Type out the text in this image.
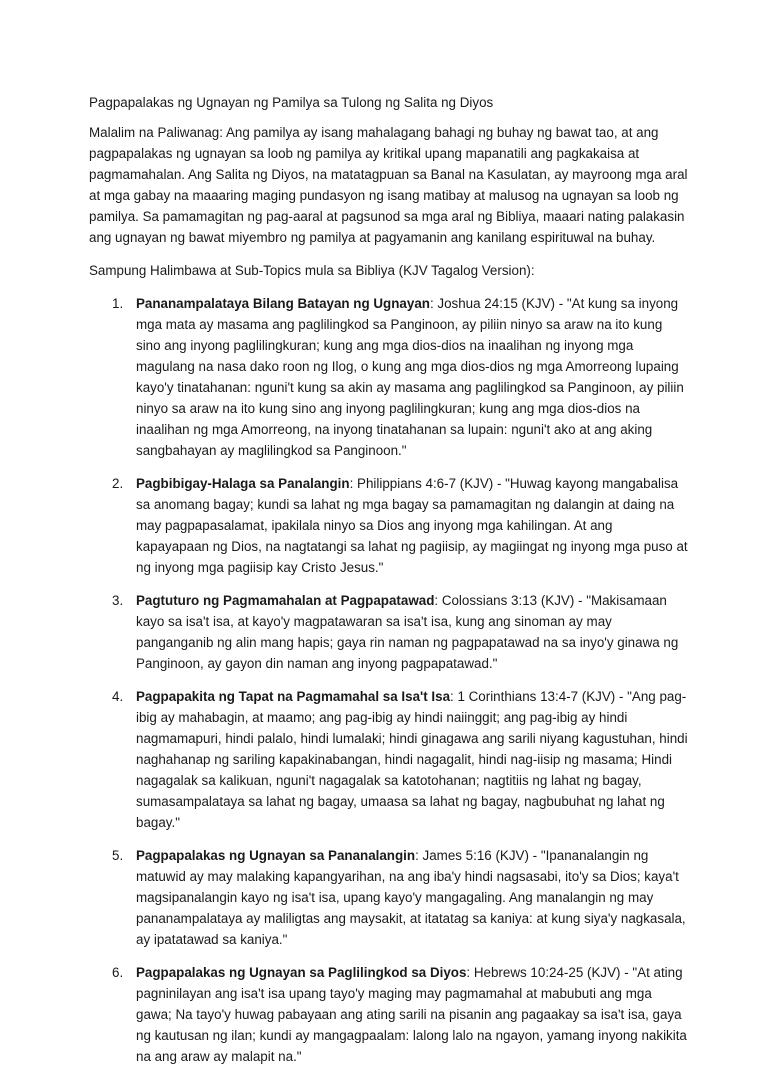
Pagpapalakas ng Ugnayan ng Pamilya sa Tulong ng Salita ng Diyos

Malalim na Paliwanag: Ang pamilya ay isang mahalagang bahagi ng buhay ng bawat tao, at ang pagpapalakas ng ugnayan sa loob ng pamilya ay kritikal upang mapanatili ang pagkakaisa at pagmamahalan. Ang Salita ng Diyos, na matatagpuan sa Banal na Kasulatan, ay mayroong mga aral at mga gabay na maaaring maging pundasyon ng isang matibay at malusog na ugnayan sa loob ng pamilya. Sa pamamagitan ng pag-aaral at pagsunod sa mga aral ng Bibliya, maaari nating palakasin ang ugnayan ng bawat miyembro ng pamilya at pagyamanin ang kanilang espirituwal na buhay.

Sampung Halimbawa at Sub-Topics mula sa Bibliya (KJV Tagalog Version):

1. Pananampalataya Bilang Batayan ng Ugnayan: Joshua 24:15 (KJV) - "At kung sa inyong mga mata ay masama ang paglilingkod sa Panginoon, ay piliin ninyo sa araw na ito kung sino ang inyong paglilingkuran; kung ang mga dios-dios na inaalihan ng inyong mga magulang na nasa dako roon ng Ilog, o kung ang mga dios-dios ng mga Amorreong lupaing kayo'y tinatahanan: nguni't kung sa akin ay masama ang paglilingkod sa Panginoon, ay piliin ninyo sa araw na ito kung sino ang inyong paglilingkuran; kung ang mga dios-dios na inaalihan ng mga Amorreong, na inyong tinatahanan sa lupain: nguni't ako at ang aking sangbahayan ay maglilingkod sa Panginoon."
2. Pagbibigay-Halaga sa Panalangin: Philippians 4:6-7 (KJV) - "Huwag kayong mangabalisa sa anomang bagay; kundi sa lahat ng mga bagay sa pamamagitan ng dalangin at daing na may pagpapasalamat, ipakilala ninyo sa Dios ang inyong mga kahilingan. At ang kapayapaan ng Dios, na nagtatangi sa lahat ng pagiisip, ay magiingat ng inyong mga puso at ng inyong mga pagiisip kay Cristo Jesus."
3. Pagtuturo ng Pagmamahalan at Pagpapatawad: Colossians 3:13 (KJV) - "Makisamaan kayo sa isa't isa, at kayo'y magpatawaran sa isa't isa, kung ang sinoman ay may panganganib ng alin mang hapis; gaya rin naman ng pagpapatawad na sa inyo'y ginawa ng Panginoon, ay gayon din naman ang inyong pagpapatawad."
4. Pagpapakita ng Tapat na Pagmamahal sa Isa't Isa: 1 Corinthians 13:4-7 (KJV) - "Ang pag-ibig ay mahabagin, at maamo; ang pag-ibig ay hindi naiinggit; ang pag-ibig ay hindi nagmamapuri, hindi palalo, hindi lumalaki; hindi ginagawa ang sarili niyang kagustuhan, hindi naghahanap ng sariling kapakinabangan, hindi nagagalit, hindi nag-iisip ng masama; Hindi nagagalak sa kalikuan, nguni't nagagalak sa katotohanan; nagtitiis ng lahat ng bagay, sumasampalataya sa lahat ng bagay, umaasa sa lahat ng bagay, nagbubuhat ng lahat ng bagay."
5. Pagpapalakas ng Ugnayan sa Pananalangin: James 5:16 (KJV) - "Ipananalangin ng matuwid ay may malaking kapangyarihan, na ang iba'y hindi nagsasabi, ito'y sa Dios; kaya't magsipanalangin kayo ng isa't isa, upang kayo'y mangagaling. Ang manalangin ng may pananampalataya ay maliligtas ang maysakit, at itatatag sa kaniya: at kung siya'y nagkasala, ay ipatatawad sa kaniya."
6. Pagpapalakas ng Ugnayan sa Paglilingkod sa Diyos: Hebrews 10:24-25 (KJV) - "At ating pagninilayan ang isa't isa upang tayo'y maging may pagmamahal at mabubuti ang mga gawa; Na tayo'y huwag pabayaan ang ating sarili na pisanin ang pagaakay sa isa't isa, gaya ng kautusan ng ilan; kundi ay mangagpaalam: lalong lalo na ngayon, yamang inyong nakikita na ang araw ay malapit na."
